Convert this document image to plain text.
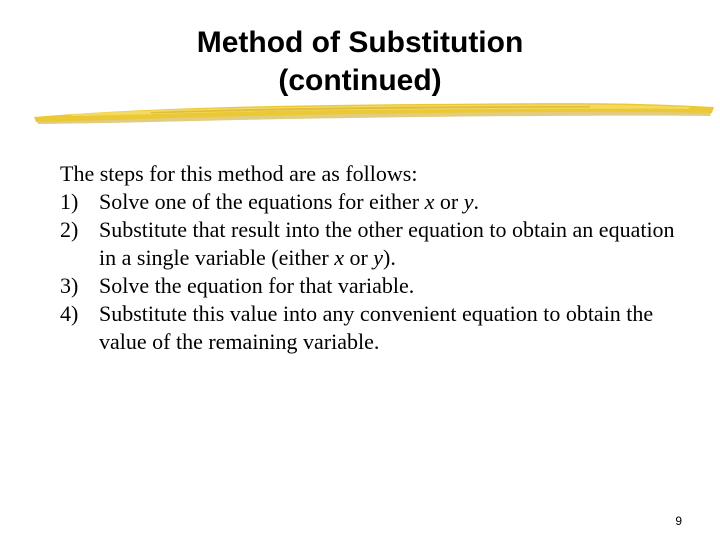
Method of Substitution
(continued)

The steps for this method are as follows:

1) Solve one of the equations for either x or y.
2) Substitute that result into the other equation to obtain an equation in a single variable (either x or y).
3) Solve the equation for that variable.
4) Substitute this value into any convenient equation to obtain the value of the remaining variable.
9
